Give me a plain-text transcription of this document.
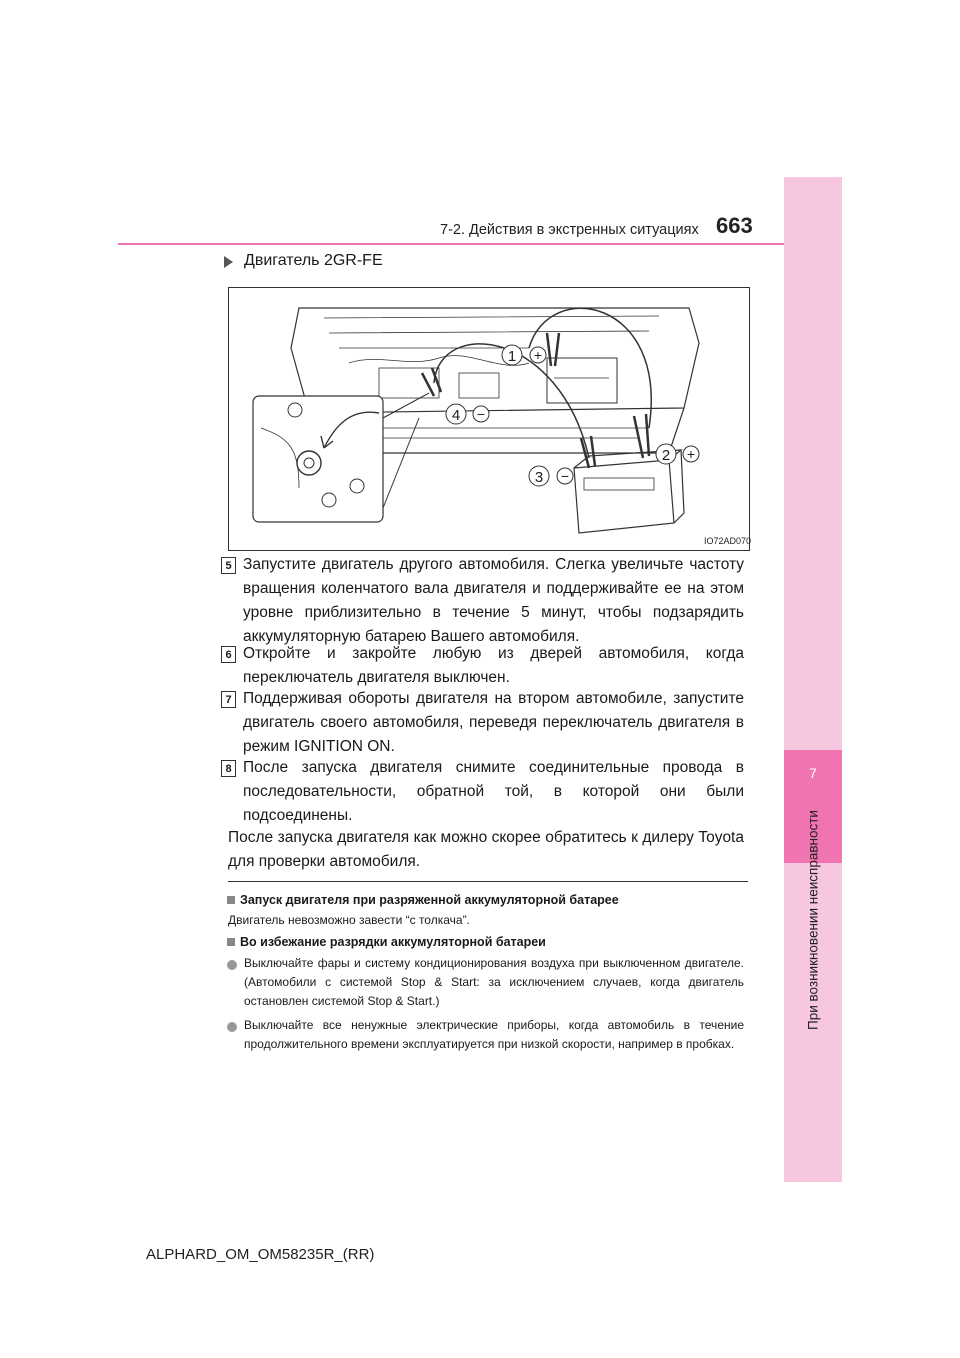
7
При возникновении неисправности
7-2. Действия в экстренных ситуациях 663
Двигатель 2GR-FE
1 +
2 +
3 −
4 −
IO72AD070
5 Запустите двигатель другого автомобиля. Слегка увеличьте частоту вращения коленчатого вала двигателя и поддерживайте ее на этом уровне приблизительно в течение 5 минут, чтобы подзарядить аккумуляторную батарею Вашего автомобиля.
6 Откройте и закройте любую из дверей автомобиля, когда переключатель двигателя выключен.
7 Поддерживая обороты двигателя на втором автомобиле, запустите двигатель своего автомобиля, переведя переключатель двигателя в режим IGNITION ON.
8 После запуска двигателя снимите соединительные провода в последовательности, обратной той, в которой они были подсоединены.
После запуска двигателя как можно скорее обратитесь к дилеру Toyota для проверки автомобиля.
Запуск двигателя при разряженной аккумуляторной батарее
Двигатель невозможно завести “с толкача”.
Во избежание разрядки аккумуляторной батареи
Выключайте фары и систему кондиционирования воздуха при выключенном двигателе. (Автомобили с системой Stop & Start: за исключением случаев, когда двигатель остановлен системой Stop & Start.)
Выключайте все ненужные электрические приборы, когда автомобиль в течение продолжительного времени эксплуатируется при низкой скорости, например в пробках.
ALPHARD_OM_OM58235R_(RR)
